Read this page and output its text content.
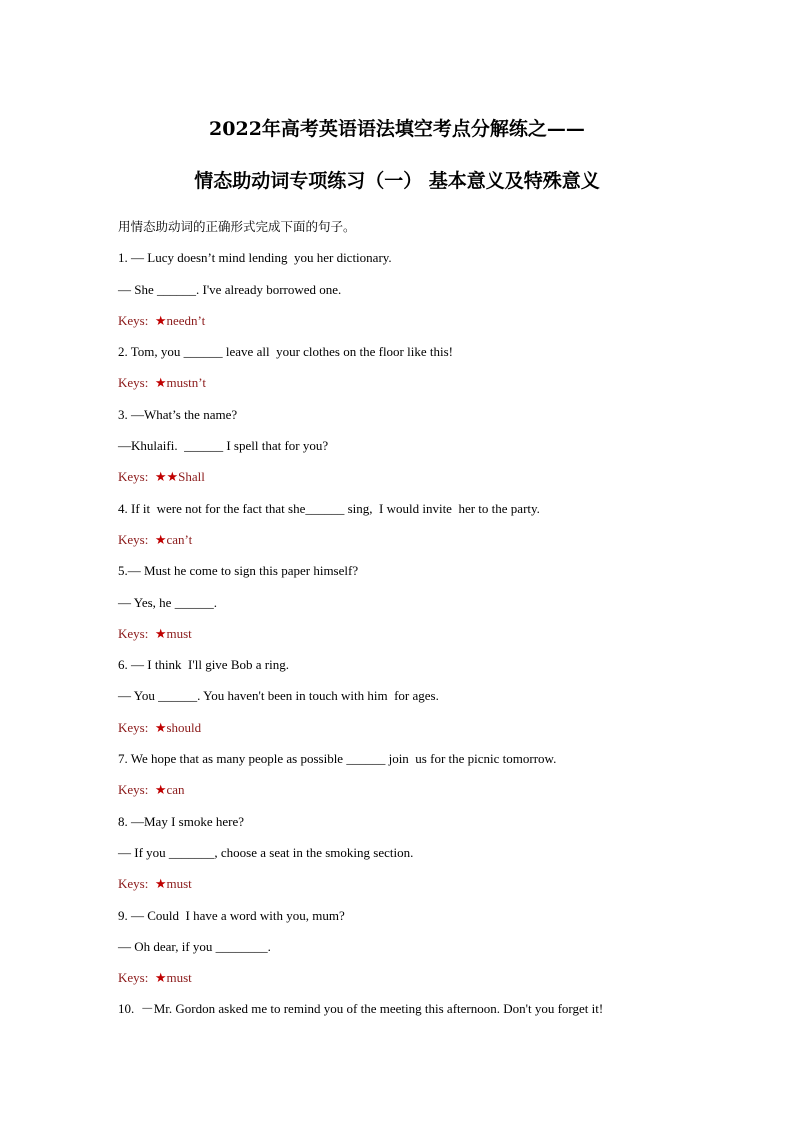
2022年高考英语语法填空考点分解练之——
情态助动词专项练习（一） 基本意义及特殊意义
用情态助动词的正确形式完成下面的句子。
1. — Lucy doesn’t mind lending  you her dictionary.
— She ______. I've already borrowed one.
Keys: ★needn’t
2. Tom, you ______ leave all  your clothes on the floor like this!
Keys: ★mustn’t
3. —What’s the name?
—Khulaifi.  ______ I spell that for you?
Keys: ★★Shall
4. If it  were not for the fact that she______ sing,  I would invite  her to the party.
Keys: ★can’t
5.— Must he come to sign this paper himself?
— Yes, he ______.
Keys: ★must
6. — I think  I'll give Bob a ring.
— You ______. You haven't been in touch with him  for ages.
Keys: ★should
7. We hope that as many people as possible ______ join  us for the picnic tomorrow.
Keys: ★can
8. —May I smoke here?
— If you _______, choose a seat in the smoking section.
Keys: ★must
9. — Could  I have a word with you, mum?
— Oh dear, if you ________.
Keys: ★must
10.  －Mr. Gordon asked me to remind you of the meeting this afternoon. Don't you forget it!
